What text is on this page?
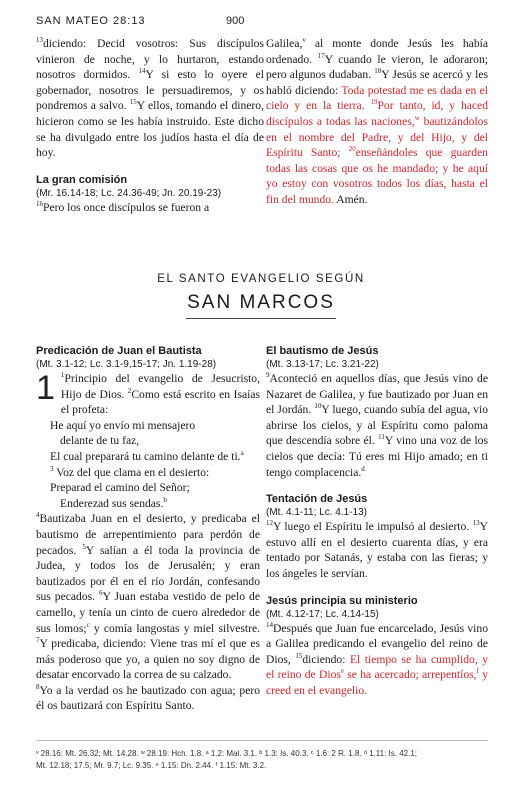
SAN MATEO 28:13	900

$^{13}$diciendo: Decid vosotros: Sus discípulos vinieron de noche, y lo hurtaron, estando nosotros dormidos. $^{14}$Y si esto lo oyere el gobernador, nosotros le persuadiremos, y os pondremos a salvo. $^{15}$Y ellos, tomando el dinero, hicieron como se les había instruido. Este dicho se ha divulgado entre los judíos hasta el día de hoy.

La gran comisión

(Mr. 16.14-18; Lc. 24.36-49; Jn. 20.19-23)

$^{16}$Pero los once discípulos se fueron a

Galilea,$^v$ al monte donde Jesús les había ordenado. $^{17}$Y cuando le vieron, le adoraron; pero algunos dudaban. $^{18}$Y Jesús se acercó y les habló diciendo: Toda potestad me es dada en el cielo y en la tierra. $^{19}$Por tanto, id, y haced discípulos a todas las naciones,$^w$ bautizándolos en el nombre del Padre, y del Hijo, y del Espíritu Santo; $^{20}$enseñándoles que guarden todas las cosas que os he mandado; y he aquí yo estoy con vosotros todos los días, hasta el fin del mundo. Amén.

EL SANTO EVANGELIO SEGÚN
SAN MARCOS

Predicación de Juan el Bautista

(Mt. 3.1-12; Lc. 3.1-9,15-17; Jn. 1.19-28)

1 $^1$Principio del evangelio de Jesucristo, Hijo de Dios. $^2$Como está escrito en Isaías el profeta:

He aquí yo envío mi mensajero

delante de tu faz,

El cual preparará tu camino delante de ti.$^a$

$^3$ Voz del que clama en el desierto:

Preparad el camino del Señor;

Enderezad sus sendas.$^b$

$^4$Bautizaba Juan en el desierto, y predicaba el bautismo de arrepentimiento para perdón de pecados. $^5$Y salían a él toda la provincia de Judea, y todos los de Jerusalén; y eran bautizados por él en el río Jordán, confesando sus pecados. $^6$Y Juan estaba vestido de pelo de camello, y tenía un cinto de cuero alrededor de sus lomos;$^c$ y comía langostas y miel silvestre. $^7$Y predicaba, diciendo: Viene tras mí el que es más poderoso que yo, a quien no soy digno de desatar encorvado la correa de su calzado.

$^8$Yo a la verdad os he bautizado con agua; pero él os bautizará con Espíritu Santo.

El bautismo de Jesús

(Mt. 3.13-17; Lc. 3.21-22)

$^9$Aconteció en aquellos días, que Jesús vino de Nazaret de Galilea, y fue bautizado por Juan en el Jordán. $^{10}$Y luego, cuando subía del agua, vio abrirse los cielos, y al Espíritu como paloma que descendía sobre él. $^{11}$Y vino una voz de los cielos que decía: Tú eres mi Hijo amado; en ti tengo complacencia.$^d$

Tentación de Jesús

(Mt. 4.1-11; Lc. 4.1-13)

$^{12}$Y luego el Espíritu le impulsó al desierto. $^{13}$Y estuvo allí en el desierto cuarenta días, y era tentado por Satanás, y estaba con las fieras; y los ángeles le servían.

Jesús principia su ministerio

(Mt. 4.12-17; Lc. 4.14-15)

$^{14}$Después que Juan fue encarcelado, Jesús vino a Galilea predicando el evangelio del reino de Dios, $^{15}$diciendo: El tiempo se ha cumplido, y el reino de Dios$^e$ se ha acercado; arrepentíos,$^f$ y creed en el evangelio.

ᵛ 28.16: Mt. 26.32; Mt. 14.28. ʷ 28.19: Hch. 1.8. ᵃ 1.2: Mal. 3.1. ᵇ 1.3: Is. 40.3. ᶜ 1.6: 2 R. 1.8. ᵈ 1.11: Is. 42.1;
Mt. 12.18; 17.5; Mr. 9.7; Lc. 9.35. ᵉ 1.15: Dn. 2.44. ᶠ 1.15: Mt. 3.2.
